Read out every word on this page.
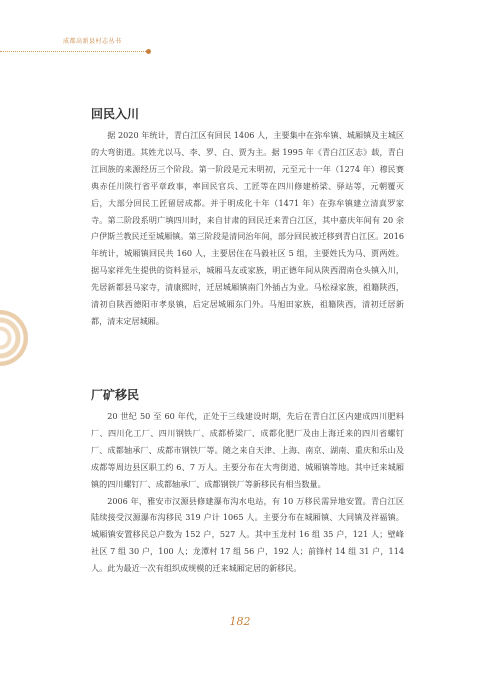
成都高新县村志丛书
回民入川

据 2020 年统计，青白江区有回民 1406 人，主要集中在弥牟镇、城厢镇及主城区的大弯街道。其姓尤以马、李、罗、白、贾为主。据 1995 年《青白江区志》载，青白江回族的来源经历三个阶段。第一阶段是元末明初，元至元十一年（1274 年）穆民赛典赤任川陕行省平章政事，率回民官兵、工匠等在四川修建桥梁、驿站等，元朝覆灭后，大部分回民工匠留居成都。并于明成化十年（1471 年）在弥牟镇建立清真罗家寺。第二阶段系明广填四川时，来自甘肃的回民迁来青白江区，其中嘉庆年间有 20 余户伊斯兰教民迁至城厢镇。第三阶段是清同治年间，部分回民被迁移到青白江区。2016 年统计，城厢镇回民共 160 人，主要居住在马毅社区 5 组，主要姓氏为马、贾两姓。据马家祥先生提供的资料显示，城厢马友或家族，明正德年间从陕西渭南仓头镇入川，先居新都县马家寺，清康熙时，迁居城厢镇南门外插占为业。马松禄家族，祖籍陕西，清初自陕西德阳市孝泉镇，后定居城厢东门外。马旭田家族，祖籍陕西，清初迁居新都，清末定居城厢。

厂矿移民

20 世纪 50 至 60 年代，正处于三线建设时期，先后在青白江区内建成四川肥料厂、四川化工厂、四川钢铁厂、成都桥梁厂、成都化肥厂及由上海迁来的四川省螺钉厂、成都轴承厂、成都市钢铁厂等。随之来自天津、上海、南京、湖南、重庆和乐山及成都等周边县区职工约 6、7 万人。主要分布在大弯街道、城厢镇等地。其中迁来城厢镇的四川螺钉厂、成都轴承厂、成都钢铁厂等新移民有相当数量。

2006 年，雅安市汉源县修建瀑布沟水电站，有 10 万移民需异地安置。青白江区陆续接受汉源瀑布沟移民 319 户计 1065 人。主要分布在城厢镇、大同镇及祥福镇。城厢镇安置移民总户数为 152 户，527 人。其中玉龙村 16 组 35 户，121 人；壁峰社区 7 组 30 户，100 人；龙潭村 17 组 56 户，192 人；前锋村 14 组 31 户，114 人。此为最近一次有组织成规模的迁来城厢定居的新移民。

182
